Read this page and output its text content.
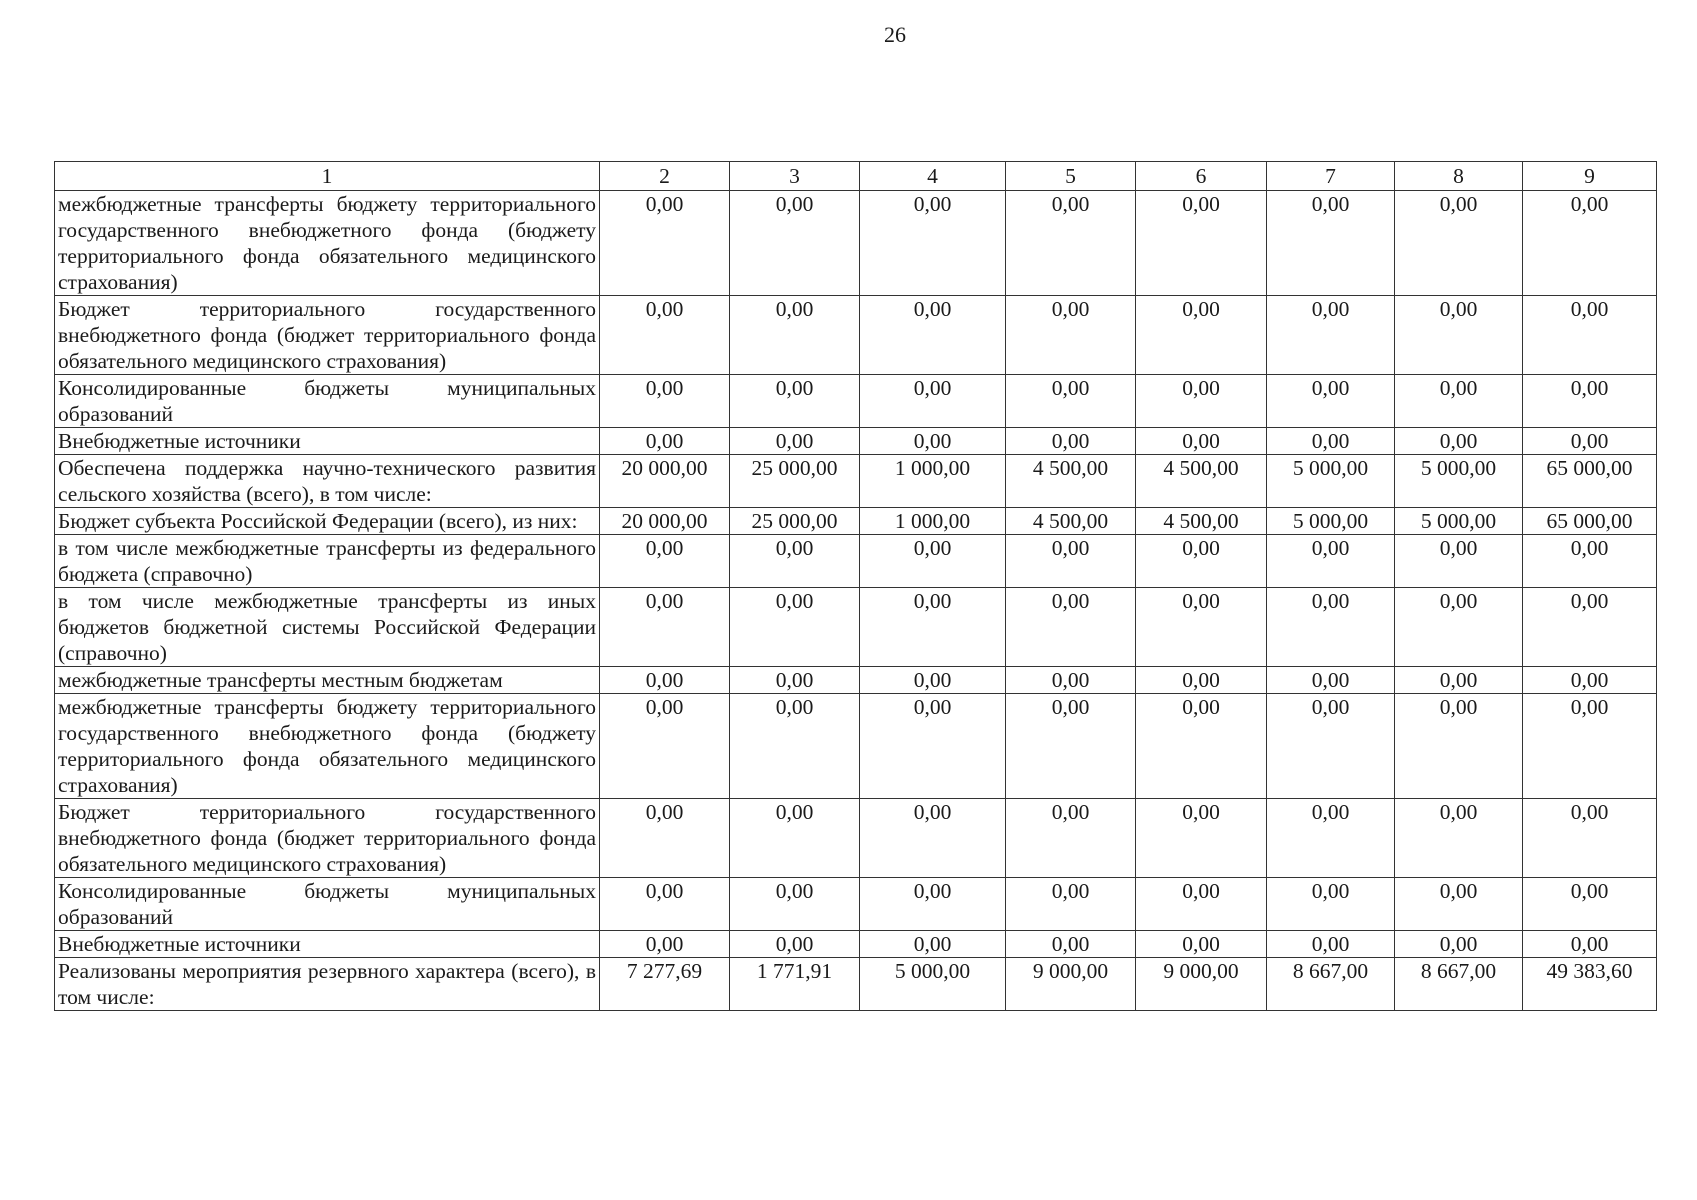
26
1	2	3	4	5	6	7	8	9
межбюджетные трансферты бюджету территориального государственного внебюджетного фонда (бюджету территориального фонда обязательного медицинского страхования)	0,00	0,00	0,00	0,00	0,00	0,00	0,00	0,00
Бюджет территориального государственного внебюджетного фонда (бюджет территориального фонда обязательного медицинского страхования)	0,00	0,00	0,00	0,00	0,00	0,00	0,00	0,00
Консолидированные бюджеты муниципальных образований	0,00	0,00	0,00	0,00	0,00	0,00	0,00	0,00
Внебюджетные источники	0,00	0,00	0,00	0,00	0,00	0,00	0,00	0,00
Обеспечена поддержка научно-технического развития сельского хозяйства (всего), в том числе:	20 000,00	25 000,00	1 000,00	4 500,00	4 500,00	5 000,00	5 000,00	65 000,00
Бюджет субъекта Российской Федерации (всего), из них:	20 000,00	25 000,00	1 000,00	4 500,00	4 500,00	5 000,00	5 000,00	65 000,00
в том числе межбюджетные трансферты из федерального бюджета (справочно)	0,00	0,00	0,00	0,00	0,00	0,00	0,00	0,00
в том числе межбюджетные трансферты из иных бюджетов бюджетной системы Российской Федерации (справочно)	0,00	0,00	0,00	0,00	0,00	0,00	0,00	0,00
межбюджетные трансферты местным бюджетам	0,00	0,00	0,00	0,00	0,00	0,00	0,00	0,00
межбюджетные трансферты бюджету территориального государственного внебюджетного фонда (бюджету территориального фонда обязательного медицинского страхования)	0,00	0,00	0,00	0,00	0,00	0,00	0,00	0,00
Бюджет территориального государственного внебюджетного фонда (бюджет территориального фонда обязательного медицинского страхования)	0,00	0,00	0,00	0,00	0,00	0,00	0,00	0,00
Консолидированные бюджеты муниципальных образований	0,00	0,00	0,00	0,00	0,00	0,00	0,00	0,00
Внебюджетные источники	0,00	0,00	0,00	0,00	0,00	0,00	0,00	0,00
Реализованы мероприятия резервного характера (всего), в том числе:	7 277,69	1 771,91	5 000,00	9 000,00	9 000,00	8 667,00	8 667,00	49 383,60
